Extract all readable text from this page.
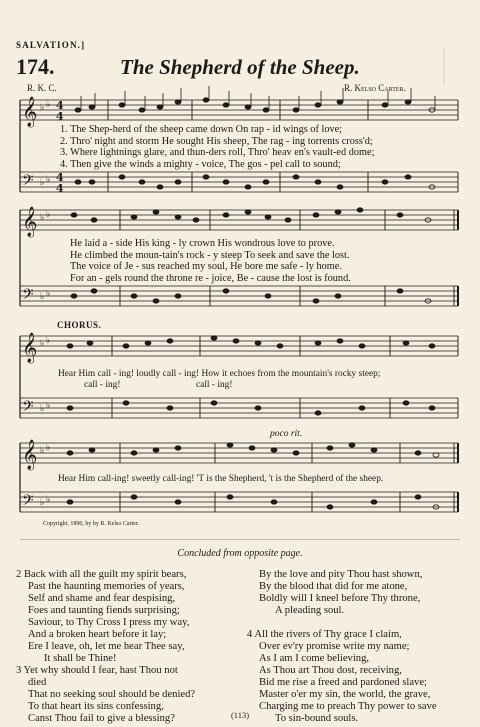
|
SALVATION.]
174.	The Shepherd of the Sheep.
R. K. C.	R. Kelso Carter.
𝄞
𝄢
𝄞
𝄢
𝄞
𝄢
𝄞
𝄢
♭ ♭
♭ ♭
4
4
4
4
♭ ♭
♭ ♭
♭ ♭
♭ ♭
♭ ♭
♭ ♭
1. The Shep-herd of the sheep came down On rap - id wings of love;
2. Thro' night and storm He sought His sheep, The rag - ing torrents cross'd;
3. Where lightnings glare, and thun-ders roll, Thro' heav en's vault-ed dome;
4. Then give the winds a mighty - voice, The gos - pel call to sound;
He laid a - side His king - ly crown His wondrous love to prove.
He climbed the moun-tain's rock - y steep To seek and save the lost.
The voice of Je - sus reached my soul, He bore me safe - ly home.
For an - gels round the throne re - joice, Be - cause the lost is found.
CHORUS.
Hear Him call - ing! loudly call - ing! How it echoes from the mountain's rocky steep;
call - ing!	call - ing!
poco rit.
Hear Him call-ing! sweetly call-ing! 'T is the Shepherd, 't is the Shepherd of the sheep.
Copyright, 1890, by by R. Kelso Carter.
Concluded from opposite page.
2 Back with all the guilt my spirit bears,
Past the haunting memories of years,
Self and shame and fear despising,
Foes and taunting fiends surprising;
Saviour, to Thy Cross I press my way,
And a broken heart before it lay;
Ere I leave, oh, let me hear Thee say,
It shall be Thine!
3 Yet why should I fear, hast Thou not
died
That no seeking soul should be denied?
To that heart its sins confessing,
Canst Thou fail to give a blessing?
By the love and pity Thou hast shown,
By the blood that did for me atone,
Boldly will I kneel before Thy throne,
A pleading soul.
4 All the rivers of Thy grace I claim,
Over ev'ry promise write my name;
As I am I come believing,
As Thou art Thou dost, receiving,
Bid me rise a freed and pardoned slave;
Master o'er my sin, the world, the grave,
Charging me to preach Thy power to save
To sin-bound souls.
(113)
